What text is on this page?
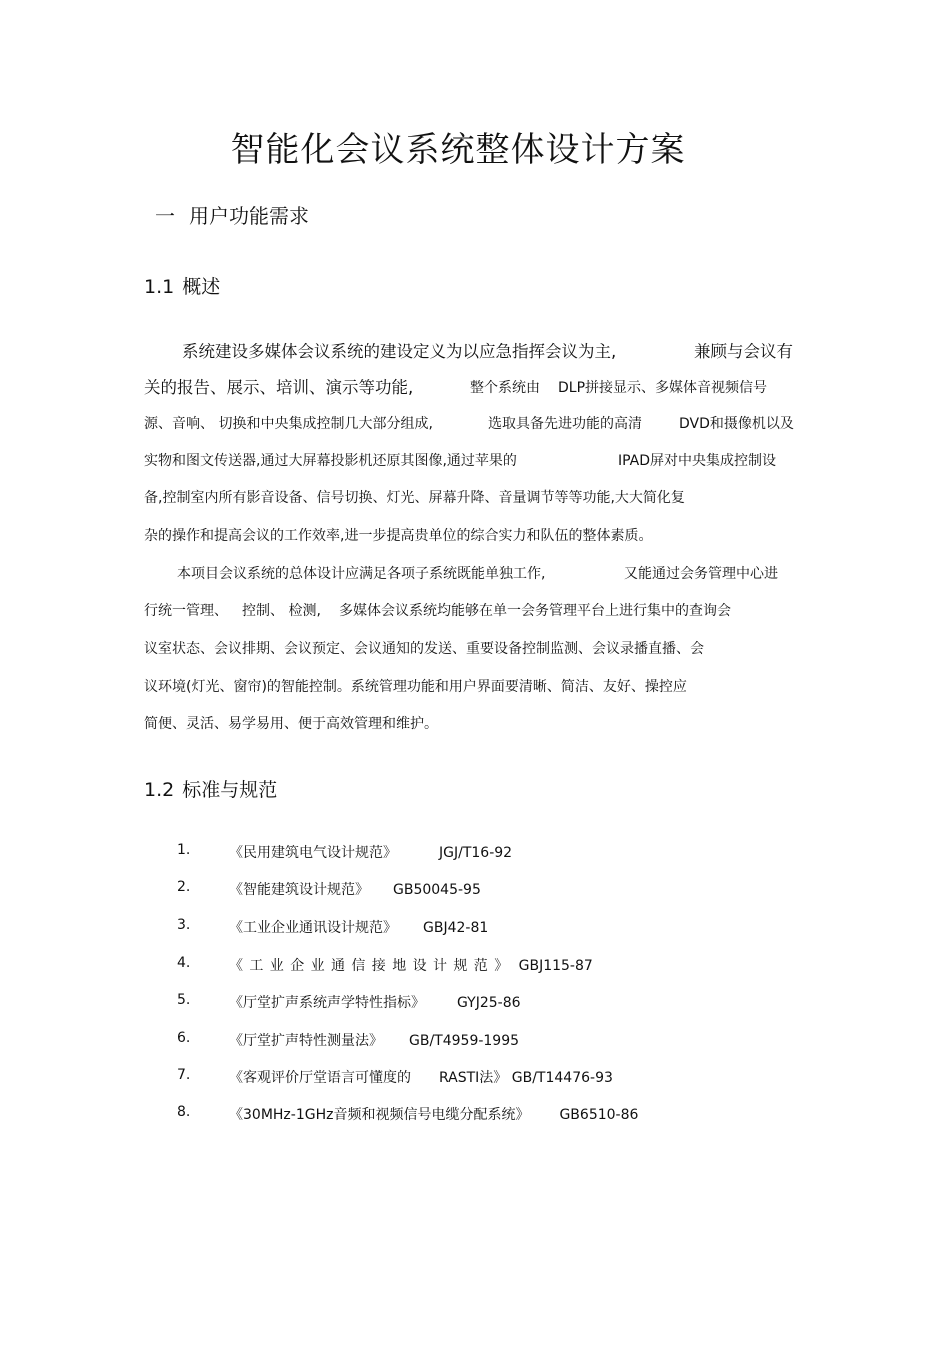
智能化会议系统整体设计方案
一 用户功能需求
1.1 概述
系统建设多媒体会议系统的建设定义为以应急指挥会议为主,	兼顾与会议有
关的报告、展示、培训、演示等功能,	整个系统由 DLP拼接显示、多媒体音视频信号
源、音响、 切换和中央集成控制几大部分组成,	选取具备先进功能的高清	DVD和摄像机以及
实物和图文传送器,通过大屏幕投影机还原其图像,通过苹果的	IPAD屏对中央集成控制设
备,控制室内所有影音设备、信号切换、灯光、屏幕升降、音量调节等等功能,大大简化复
杂的操作和提高会议的工作效率,进一步提高贵单位的综合实力和队伍的整体素质。
本项目会议系统的总体设计应满足各项子系统既能单独工作,	又能通过会务管理中心进
行统一管理、 控制、 检测, 多媒体会议系统均能够在单一会务管理平台上进行集中的查询会
议室状态、会议排期、会议预定、会议通知的发送、重要设备控制监测、会议录播直播、会
议环境(灯光、窗帘)的智能控制。系统管理功能和用户界面要清晰、简洁、友好、操控应
简便、灵活、易学易用、便于高效管理和维护。
1.2 标准与规范
1.	《民用建筑电气设计规范》	JGJ/T16-92
2.	《智能建筑设计规范》 GB50045-95
3.	《工业企业通讯设计规范》 GBJ42-81
4.	《工业企业通信接地设计规范》 GBJ115-87
5.	《厅堂扩声系统声学特性指标》 GYJ25-86
6.	《厅堂扩声特性测量法》 GB/T4959-1995
7.	《客观评价厅堂语言可懂度的 RASTI法》 GB/T14476-93
8.	《30MHz-1GHz音频和视频信号电缆分配系统》 GB6510-86
